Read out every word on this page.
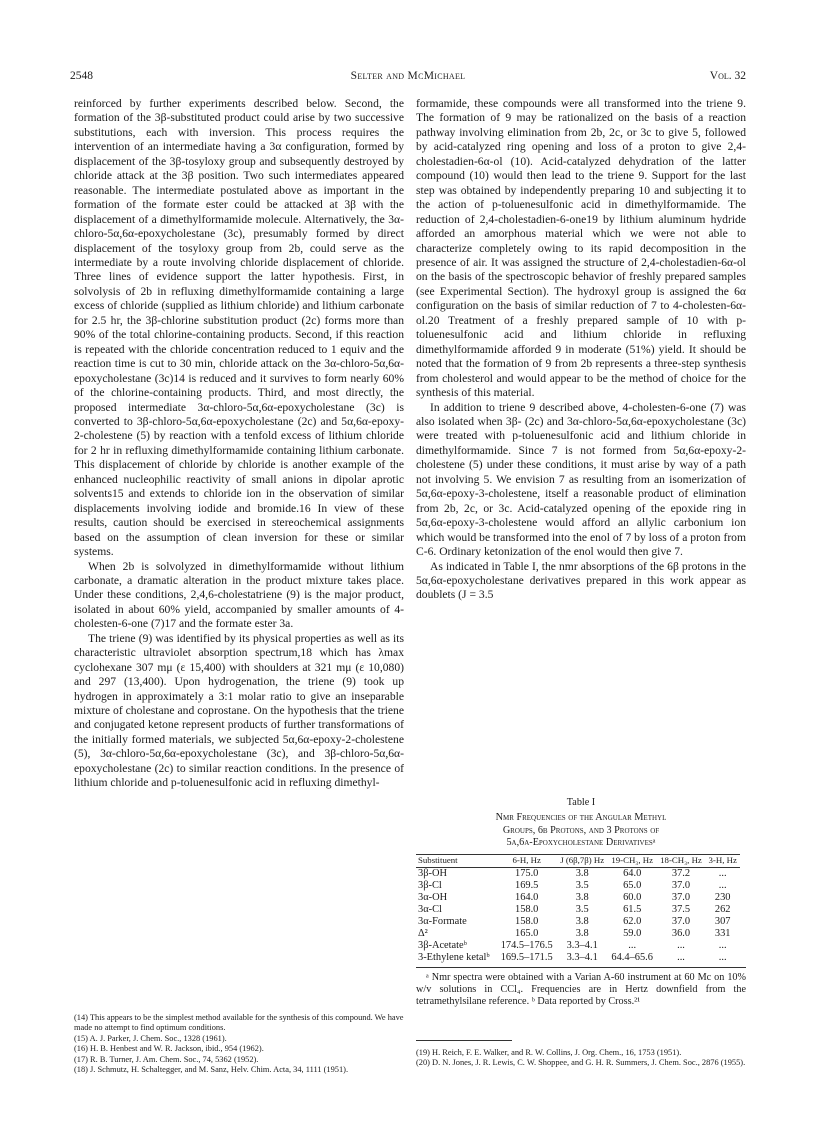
2548	Selter and McMichael	Vol. 32

reinforced by further experiments described below. Second, the formation of the 3β-substituted product could arise by two successive substitutions, each with inversion. This process requires the intervention of an intermediate having a 3α configuration, formed by displacement of the 3β-tosyloxy group and subsequently destroyed by chloride attack at the 3β position. Two such intermediates appeared reasonable. The intermediate postulated above as important in the formation of the formate ester could be attacked at 3β with the displacement of a dimethylformamide molecule. Alternatively, the 3α-chloro-5α,6α-epoxycholestane (3c), presumably formed by direct displacement of the tosyloxy group from 2b, could serve as the intermediate by a route involving chloride displacement of chloride. Three lines of evidence support the latter hypothesis. First, in solvolysis of 2b in refluxing dimethylformamide containing a large excess of chloride (supplied as lithium chloride) and lithium carbonate for 2.5 hr, the 3β-chlorine substitution product (2c) forms more than 90% of the total chlorine-containing products. Second, if this reaction is repeated with the chloride concentration reduced to 1 equiv and the reaction time is cut to 30 min, chloride attack on the 3α-chloro-5α,6α-epoxycholestane (3c)14 is reduced and it survives to form nearly 60% of the chlorine-containing products. Third, and most directly, the proposed intermediate 3α-chloro-5α,6α-epoxycholestane (3c) is converted to 3β-chloro-5α,6α-epoxycholestane (2c) and 5α,6α-epoxy-2-cholestene (5) by reaction with a tenfold excess of lithium chloride for 2 hr in refluxing dimethylformamide containing lithium carbonate. This displacement of chloride by chloride is another example of the enhanced nucleophilic reactivity of small anions in dipolar aprotic solvents15 and extends to chloride ion in the observation of similar displacements involving iodide and bromide.16 In view of these results, caution should be exercised in stereochemical assignments based on the assumption of clean inversion for these or similar systems.

When 2b is solvolyzed in dimethylformamide without lithium carbonate, a dramatic alteration in the product mixture takes place. Under these conditions, 2,4,6-cholestatriene (9) is the major product, isolated in about 60% yield, accompanied by smaller amounts of 4-cholesten-6-one (7)17 and the formate ester 3a.

The triene (9) was identified by its physical properties as well as its characteristic ultraviolet absorption spectrum,18 which has λmax cyclohexane 307 mμ (ε 15,400) with shoulders at 321 mμ (ε 10,080) and 297 (13,400). Upon hydrogenation, the triene (9) took up hydrogen in approximately a 3:1 molar ratio to give an inseparable mixture of cholestane and coprostane. On the hypothesis that the triene and conjugated ketone represent products of further transformations of the initially formed materials, we subjected 5α,6α-epoxy-2-cholestene (5), 3α-chloro-5α,6α-epoxycholestane (3c), and 3β-chloro-5α,6α-epoxycholestane (2c) to similar reaction conditions. In the presence of lithium chloride and p-toluenesulfonic acid in refluxing dimethyl-

(14) This appears to be the simplest method available for the synthesis of this compound. We have made no attempt to find optimum conditions.
(15) A. J. Parker, J. Chem. Soc., 1328 (1961).
(16) H. B. Henbest and W. R. Jackson, ibid., 954 (1962).
(17) R. B. Turner, J. Am. Chem. Soc., 74, 5362 (1952).
(18) J. Schmutz, H. Schaltegger, and M. Sanz, Helv. Chim. Acta, 34, 1111 (1951).

formamide, these compounds were all transformed into the triene 9. The formation of 9 may be rationalized on the basis of a reaction pathway involving elimination from 2b, 2c, or 3c to give 5, followed by acid-catalyzed ring opening and loss of a proton to give 2,4-cholestadien-6α-ol (10). Acid-catalyzed dehydration of the latter compound (10) would then lead to the triene 9. Support for the last step was obtained by independently preparing 10 and subjecting it to the action of p-toluenesulfonic acid in dimethylformamide. The reduction of 2,4-cholestadien-6-one19 by lithium aluminum hydride afforded an amorphous material which we were not able to characterize completely owing to its rapid decomposition in the presence of air. It was assigned the structure of 2,4-cholestadien-6α-ol on the basis of the spectroscopic behavior of freshly prepared samples (see Experimental Section). The hydroxyl group is assigned the 6α configuration on the basis of similar reduction of 7 to 4-cholesten-6α-ol.20 Treatment of a freshly prepared sample of 10 with p-toluenesulfonic acid and lithium chloride in refluxing dimethylformamide afforded 9 in moderate (51%) yield. It should be noted that the formation of 9 from 2b represents a three-step synthesis from cholesterol and would appear to be the method of choice for the synthesis of this material.

In addition to triene 9 described above, 4-cholesten-6-one (7) was also isolated when 3β- (2c) and 3α-chloro-5α,6α-epoxycholestane (3c) were treated with p-toluenesulfonic acid and lithium chloride in dimethylformamide. Since 7 is not formed from 5α,6α-epoxy-2-cholestene (5) under these conditions, it must arise by way of a path not involving 5. We envision 7 as resulting from an isomerization of 5α,6α-epoxy-3-cholestene, itself a reasonable product of elimination from 2b, 2c, or 3c. Acid-catalyzed opening of the epoxide ring in 5α,6α-epoxy-3-cholestene would afford an allylic carbonium ion which would be transformed into the enol of 7 by loss of a proton from C-6. Ordinary ketonization of the enol would then give 7.

As indicated in Table I, the nmr absorptions of the 6β protons in the 5α,6α-epoxycholestane derivatives prepared in this work appear as doublets (J = 3.5

Table I
Nmr Frequencies of the Angular Methyl
Groups, 6β Protons, and 3 Protons of
5α,6α-Epoxycholestane Derivativesᵃ
Substituent	6-H, Hz	J (6β,7β) Hz	19-CH₃, Hz	18-CH₃, Hz	3-H, Hz
3β-OH	175.0	3.8	64.0	37.2	...
3β-Cl	169.5	3.5	65.0	37.0	...
3α-OH	164.0	3.8	60.0	37.0	230
3α-Cl	158.0	3.5	61.5	37.5	262
3α-Formate	158.0	3.8	62.0	37.0	307
Δ²	165.0	3.8	59.0	36.0	331
3β-Acetateᵇ	174.5–176.5	3.3–4.1	...	...	...
3-Ethylene ketalᵇ	169.5–171.5	3.3–4.1	64.4–65.6	...	...
ᵃ Nmr spectra were obtained with a Varian A-60 instrument at 60 Mc on 10% w/v solutions in CCl₄. Frequencies are in Hertz downfield from the tetramethylsilane reference. ᵇ Data reported by Cross.²¹
(19) H. Reich, F. E. Walker, and R. W. Collins, J. Org. Chem., 16, 1753 (1951).
(20) D. N. Jones, J. R. Lewis, C. W. Shoppee, and G. H. R. Summers, J. Chem. Soc., 2876 (1955).
